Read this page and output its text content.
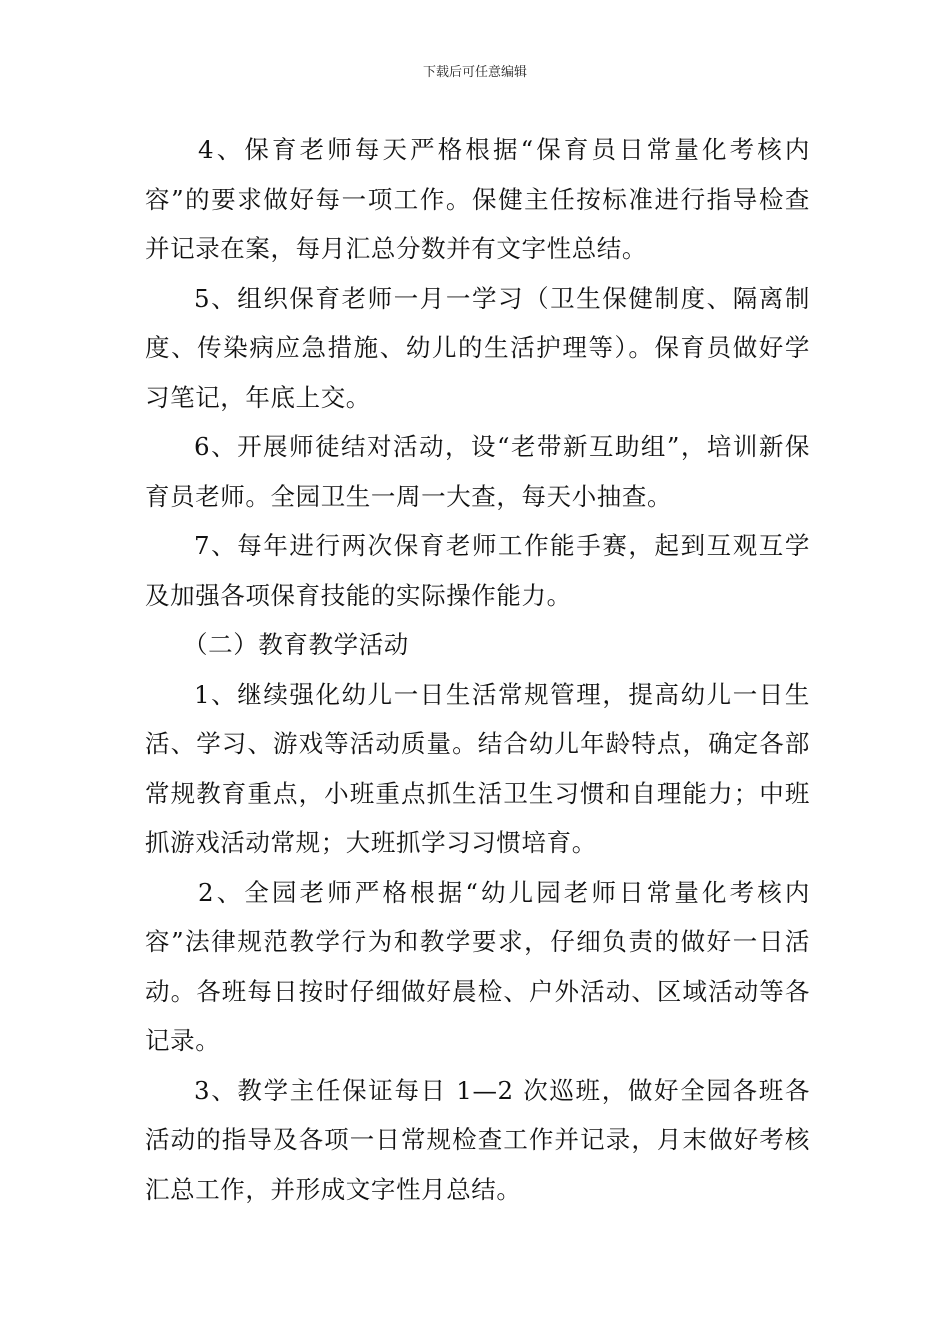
下载后可任意编辑

4、保育老师每天严格根据“保育员日常量化考核内容”的要求做好每一项工作。保健主任按标准进行指导检查并记录在案，每月汇总分数并有文字性总结。

5、组织保育老师一月一学习（卫生保健制度、隔离制度、传染病应急措施、幼儿的生活护理等）。保育员做好学习笔记，年底上交。

6、开展师徒结对活动，设“老带新互助组”，培训新保育员老师。全园卫生一周一大查，每天小抽查。

7、每年进行两次保育老师工作能手赛，起到互观互学及加强各项保育技能的实际操作能力。

（二）教育教学活动

1、继续强化幼儿一日生活常规管理，提高幼儿一日生活、学习、游戏等活动质量。结合幼儿年龄特点，确定各部常规教育重点，小班重点抓生活卫生习惯和自理能力；中班抓游戏活动常规；大班抓学习习惯培育。

2、全园老师严格根据“幼儿园老师日常量化考核内容”法律规范教学行为和教学要求，仔细负责的做好一日活动。各班每日按时仔细做好晨检、户外活动、区域活动等各记录。

3、教学主任保证每日 1—2 次巡班，做好全园各班各活动的指导及各项一日常规检查工作并记录，月末做好考核汇总工作，并形成文字性月总结。
